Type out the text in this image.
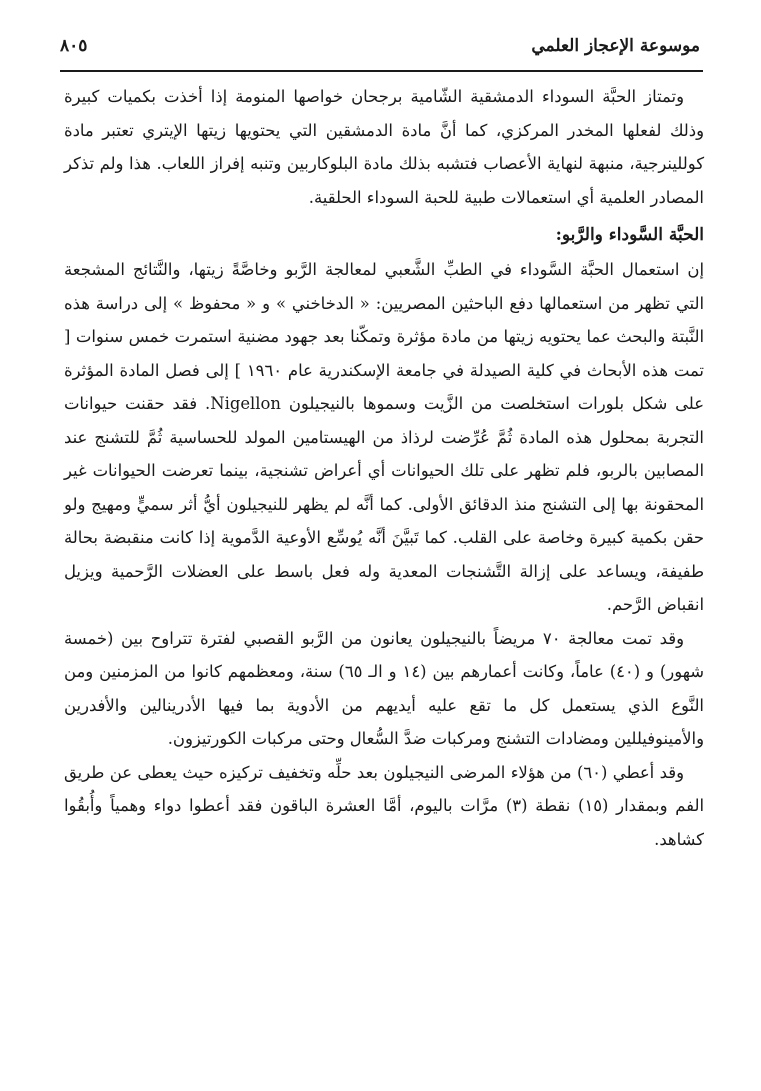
موسوعة الإعجاز العلمي
٨٠٥

وتمتاز الحبَّة السوداء الدمشقية الشّامية برجحان خواصها المنومة إذا أخذت بكميات كبيرة وذلك لفعلها المخدر المركزي، كما أنَّ مادة الدمشقين التي يحتويها زيتها الإيتري تعتبر مادة كوللينرجية، منبهة لنهاية الأعصاب فتشبه بذلك مادة البلوكاربين وتنبه إفراز اللعاب. هذا ولم تذكر المصادر العلمية أي استعمالات طبية للحبة السوداء الحلقية.

الحبَّة السَّوداء والرَّبو:

إن استعمال الحبَّة السَّوداء في الطبِّ الشَّعبي لمعالجة الرَّبو وخاصَّةً زيتها، والنَّتائج المشجعة التي تظهر من استعمالها دفع الباحثين المصريين: « الدخاخني » و « محفوظ » إلى دراسة هذه النَّبتة والبحث عما يحتويه زيتها من مادة مؤثرة وتمكّنا بعد جهود مضنية استمرت خمس سنوات [ تمت هذه الأبحاث في كلية الصيدلة في جامعة الإسكندرية عام ١٩٦٠ ] إلى فصل المادة المؤثرة على شكل بلورات استخلصت من الزَّيت وسموها بالنيجيلون Nigellon. فقد حقنت حيوانات التجربة بمحلول هذه المادة ثُمَّ عُرِّضت لرذاذ من الهيستامين المولد للحساسية ثُمَّ للتشنج عند المصابين بالربو، فلم تظهر على تلك الحيوانات أي أعراض تشنجية، بينما تعرضت الحيوانات غير المحقونة بها إلى التشنج منذ الدقائق الأولى. كما أنَّه لم يظهر للنيجيلون أيُّ أثر سميٍّ ومهيج ولو حقن بكمية كبيرة وخاصة على القلب. كما تَبيَّنَ أنَّه يُوسِّع الأوعية الدَّموية إذا كانت منقبضة بحالة طفيفة، ويساعد على إزالة التَّشنجات المعدية وله فعل باسط على العضلات الرَّحمية ويزيل انقباض الرَّحم.

وقد تمت معالجة ٧٠ مريضاً بالنيجيلون يعانون من الرَّبو القصبي لفترة تتراوح بين (خمسة شهور) و (٤٠) عاماً، وكانت أعمارهم بين (١٤ و الـ ٦٥) سنة، ومعظمهم كانوا من المزمنين ومن النَّوع الذي يستعمل كل ما تقع عليه أيديهم من الأدوية بما فيها الأدرينالين والأفدرين والأمينوفيللين ومضادات التشنج ومركبات ضدَّ السُّعال وحتى مركبات الكورتيزون.

وقد أعطي (٦٠) من هؤلاء المرضى النيجيلون بعد حلِّه وتخفيف تركيزه حيث يعطى عن طريق الفم وبمقدار (١٥) نقطة (٣) مرَّات باليوم، أمَّا العشرة الباقون فقد أعطوا دواء وهمياً وأُبقُوا كشاهد.
